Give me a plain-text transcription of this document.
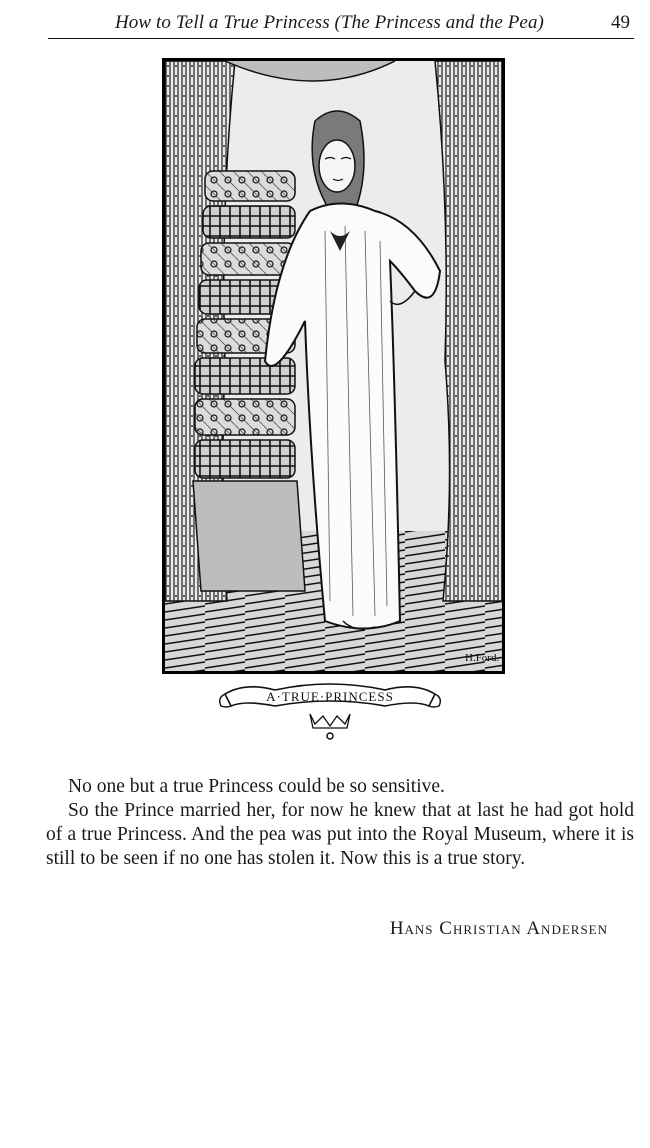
How to Tell a True Princess (The Princess and the Pea)	49
H.Ford.
A·TRUE·PRINCESS

No one but a true Princess could be so sensitive.

So the Prince married her, for now he knew that at last he had got hold of a true Princess. And the pea was put into the Royal Museum, where it is still to be seen if no one has stolen it. Now this is a true story.

Hans Christian Andersen
